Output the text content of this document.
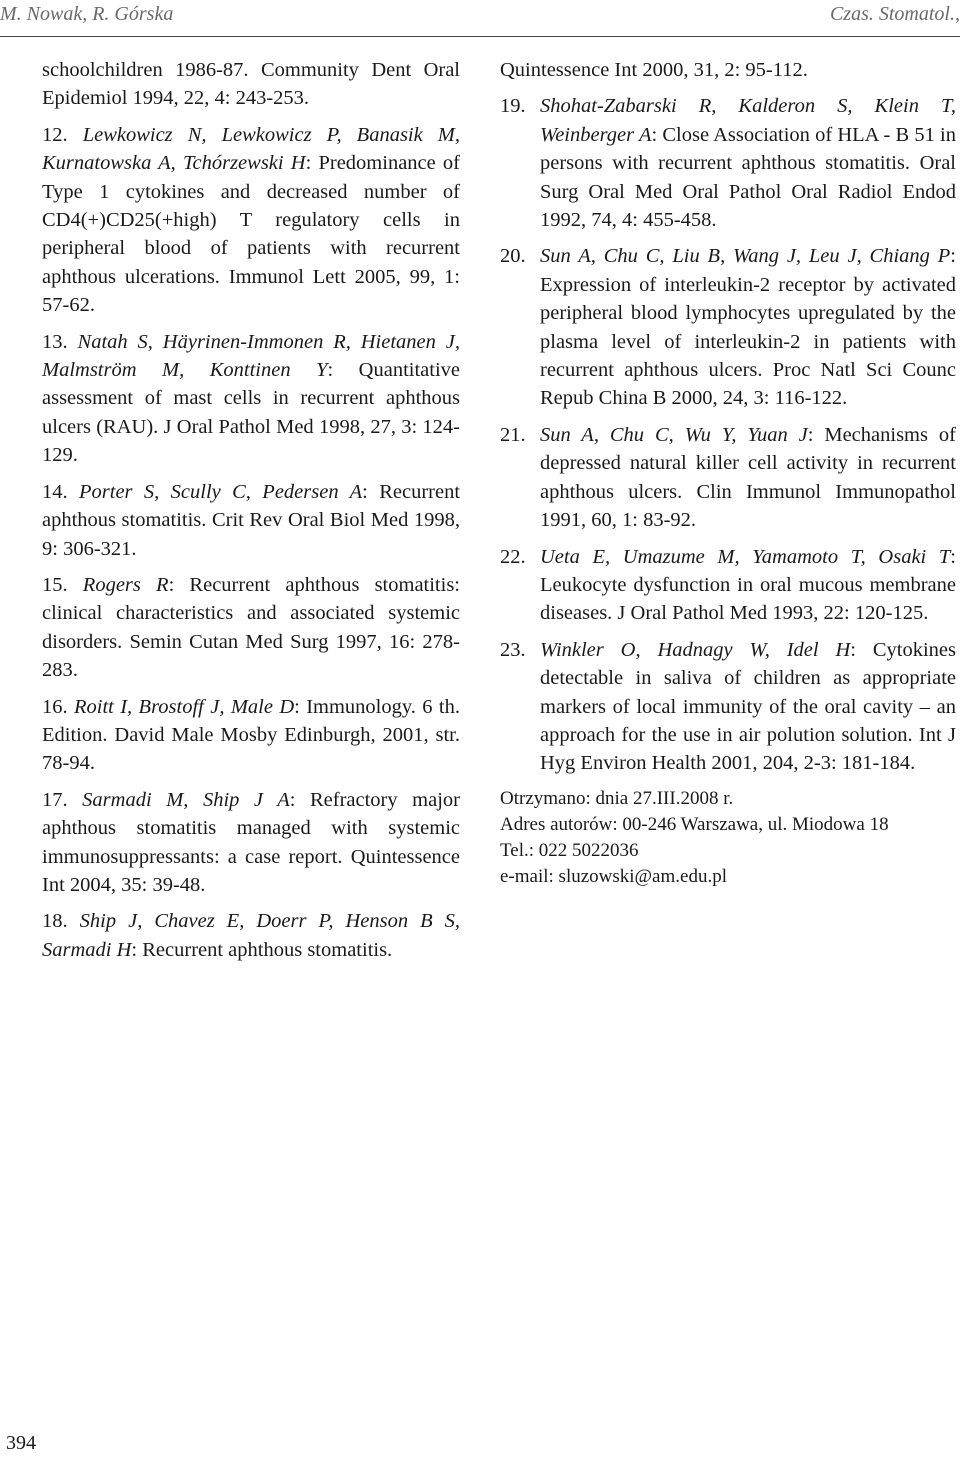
M. Nowak, R. Górska	Czas. Stomatol.,

schoolchildren 1986-87. Community Dent Oral Epidemiol 1994, 22, 4: 243-253.

12. Lewkowicz N, Lewkowicz P, Banasik M, Kurnatowska A, Tchórzewski H: Predominance of Type 1 cytokines and decreased number of CD4(+)CD25(+high) T regulatory cells in peripheral blood of patients with recurrent aphthous ulcerations. Immunol Lett 2005, 99, 1: 57-62.

13. Natah S, Häyrinen-Immonen R, Hietanen J, Malmström M, Konttinen Y: Quantitative assessment of mast cells in recurrent aphthous ulcers (RAU). J Oral Pathol Med 1998, 27, 3: 124-129.

14. Porter S, Scully C, Pedersen A: Recurrent aphthous stomatitis. Crit Rev Oral Biol Med 1998, 9: 306-321.

15. Rogers R: Recurrent aphthous stomatitis: clinical characteristics and associated systemic disorders. Semin Cutan Med Surg 1997, 16: 278-283.

16. Roitt I, Brostoff J, Male D: Immunology. 6 th. Edition. David Male Mosby Edinburgh, 2001, str. 78-94.

17. Sarmadi M, Ship J A: Refractory major aphthous stomatitis managed with systemic immunosuppressants: a case report. Quintessence Int 2004, 35: 39-48.

18. Ship J, Chavez E, Doerr P, Henson B S, Sarmadi H: Recurrent aphthous stomatitis.

Quintessence Int 2000, 31, 2: 95-112.

19. Shohat-Zabarski R, Kalderon S, Klein T, Weinberger A: Close Association of HLA - B 51 in persons with recurrent aphthous stomatitis. Oral Surg Oral Med Oral Pathol Oral Radiol Endod 1992, 74, 4: 455-458.

20. Sun A, Chu C, Liu B, Wang J, Leu J, Chiang P: Expression of interleukin-2 receptor by activated peripheral blood lymphocytes upregulated by the plasma level of interleukin-2 in patients with recurrent aphthous ulcers. Proc Natl Sci Counc Repub China B 2000, 24, 3: 116-122.

21. Sun A, Chu C, Wu Y, Yuan J: Mechanisms of depressed natural killer cell activity in recurrent aphthous ulcers. Clin Immunol Immunopathol 1991, 60, 1: 83-92.

22. Ueta E, Umazume M, Yamamoto T, Osaki T: Leukocyte dysfunction in oral mucous membrane diseases. J Oral Pathol Med 1993, 22: 120-125.

23. Winkler O, Hadnagy W, Idel H: Cytokines detectable in saliva of children as appropriate markers of local immunity of the oral cavity – an approach for the use in air polution solution. Int J Hyg Environ Health 2001, 204, 2-3: 181-184.

Otrzymano: dnia 27.III.2008 r.

Adres autorów: 00-246 Warszawa, ul. Miodowa 18

Tel.: 022 5022036

e-mail: sluzowski@am.edu.pl

394
